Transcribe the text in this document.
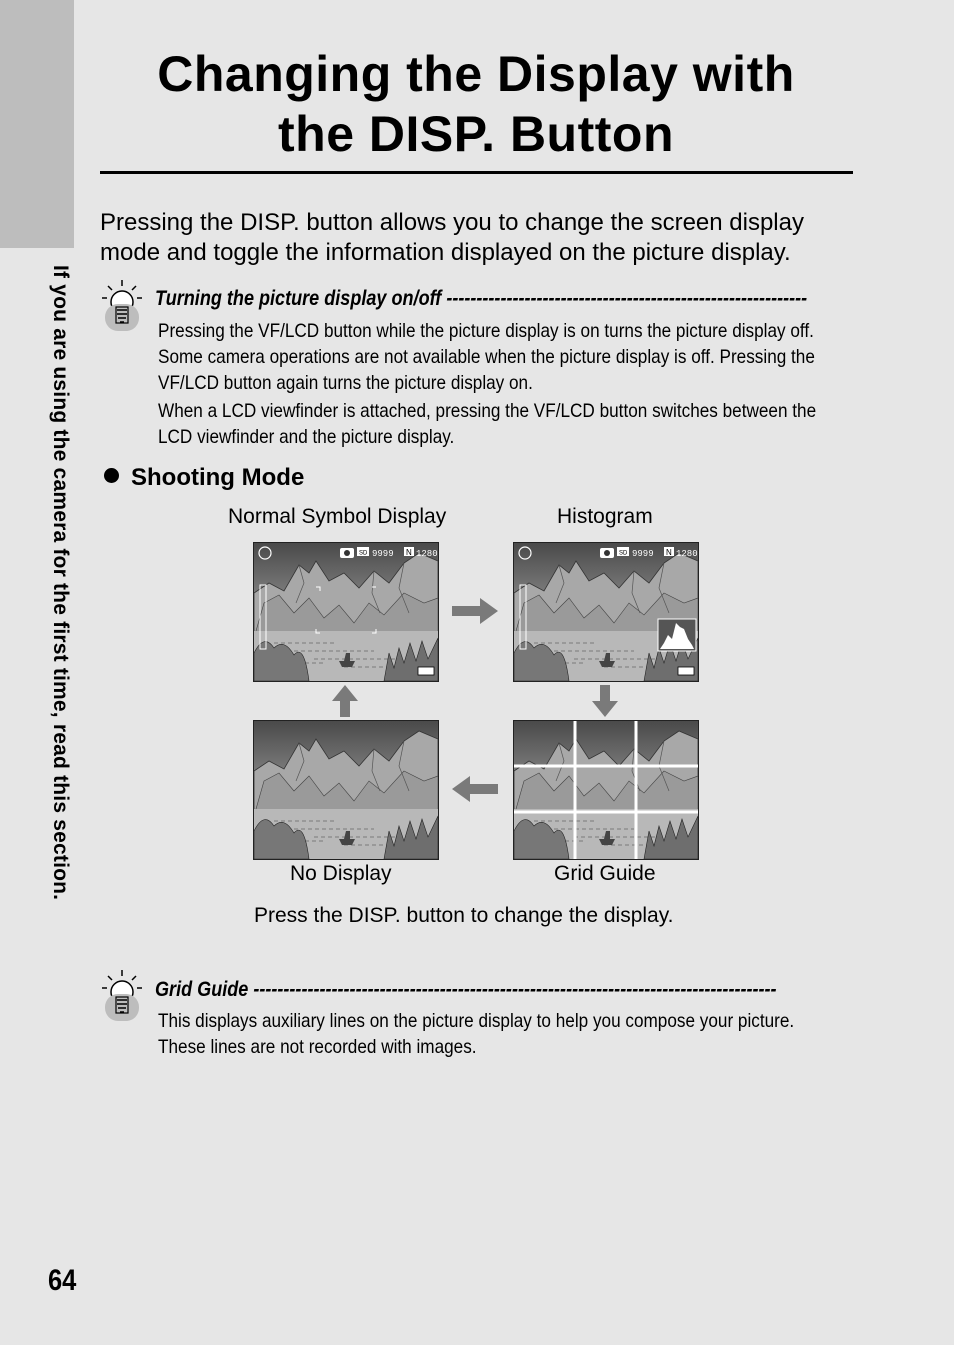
If you are using the camera for the first time, read this section.
Changing the Display with
the DISP. Button

Pressing the DISP. button allows you to change the screen display
mode and toggle the information displayed on the picture display.

Turning the picture display on/off ------------------------------------------------------------

Pressing the VF/LCD button while the picture display is on turns the picture display off.
Some camera operations are not available when the picture display is off. Pressing the
VF/LCD button again turns the picture display on.

When a LCD viewfinder is attached, pressing the VF/LCD button switches between the
LCD viewfinder and the picture display.

Shooting Mode
Normal Symbol Display	Histogram
SD 9999 N 1280	SD 9999 N 1280
No Display	Grid Guide

Press the DISP. button to change the display.

Grid Guide ---------------------------------------------------------------------------------------

This displays auxiliary lines on the picture display to help you compose your picture.
These lines are not recorded with images.

64
